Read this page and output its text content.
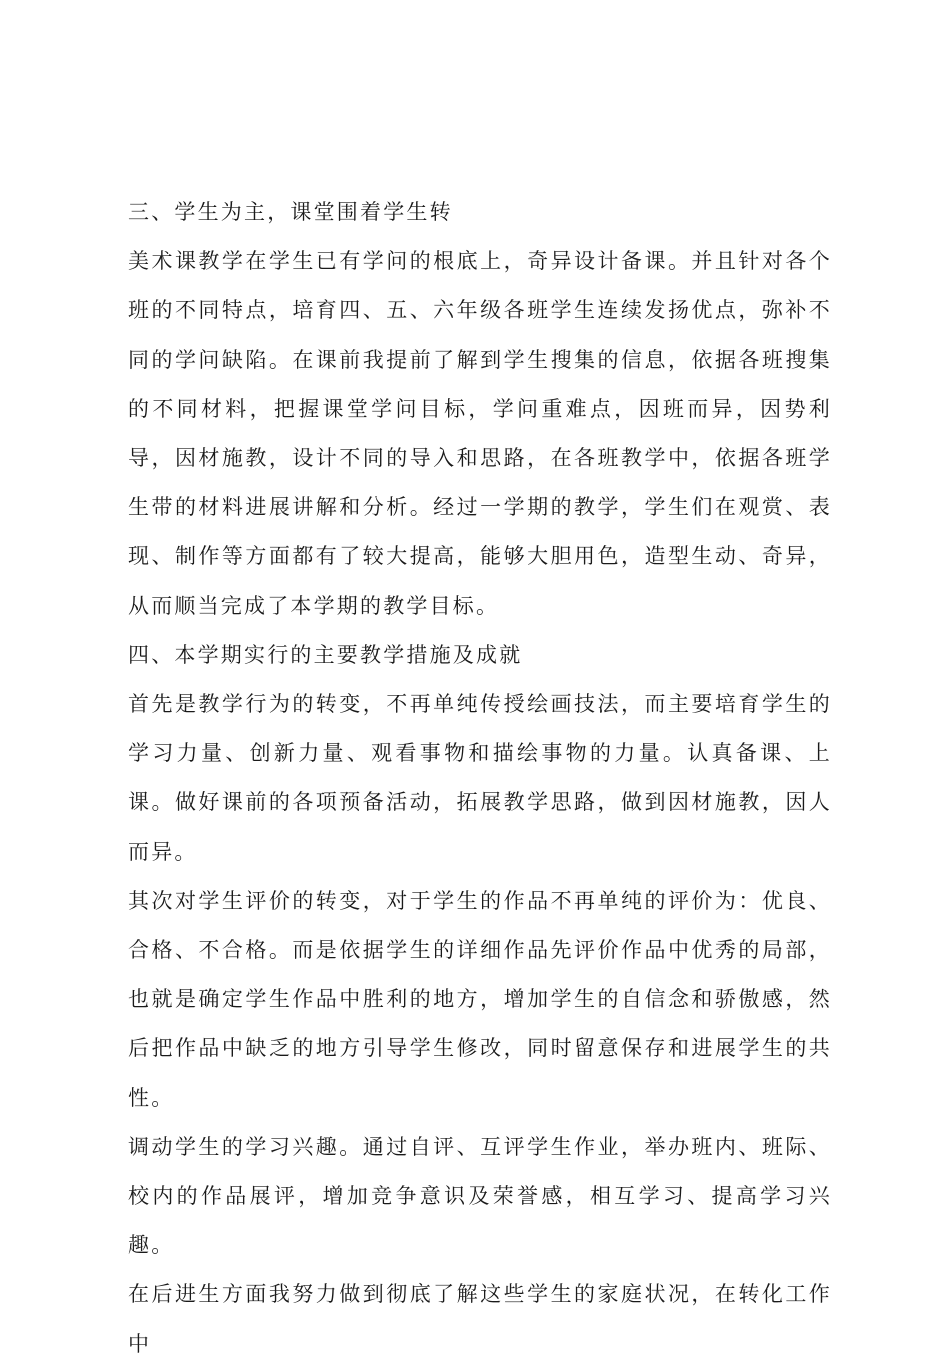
三、学生为主，课堂围着学生转

美术课教学在学生已有学问的根底上，奇异设计备课。并且针对各个班的不同特点，培育四、五、六年级各班学生连续发扬优点，弥补不同的学问缺陷。在课前我提前了解到学生搜集的信息，依据各班搜集的不同材料，把握课堂学问目标，学问重难点，因班而异，因势利导，因材施教，设计不同的导入和思路，在各班教学中，依据各班学生带的材料进展讲解和分析。经过一学期的教学，学生们在观赏、表现、制作等方面都有了较大提高，能够大胆用色，造型生动、奇异，从而顺当完成了本学期的教学目标。

四、本学期实行的主要教学措施及成就

首先是教学行为的转变，不再单纯传授绘画技法，而主要培育学生的学习力量、创新力量、观看事物和描绘事物的力量。认真备课、上课。做好课前的各项预备活动，拓展教学思路，做到因材施教，因人而异。

其次对学生评价的转变，对于学生的作品不再单纯的评价为：优良、合格、不合格。而是依据学生的详细作品先评价作品中优秀的局部，也就是确定学生作品中胜利的地方，增加学生的自信念和骄傲感，然后把作品中缺乏的地方引导学生修改，同时留意保存和进展学生的共性。

调动学生的学习兴趣。通过自评、互评学生作业，举办班内、班际、校内的作品展评，增加竞争意识及荣誉感，相互学习、提高学习兴趣。

在后进生方面我努力做到彻底了解这些学生的家庭状况，在转化工作中
